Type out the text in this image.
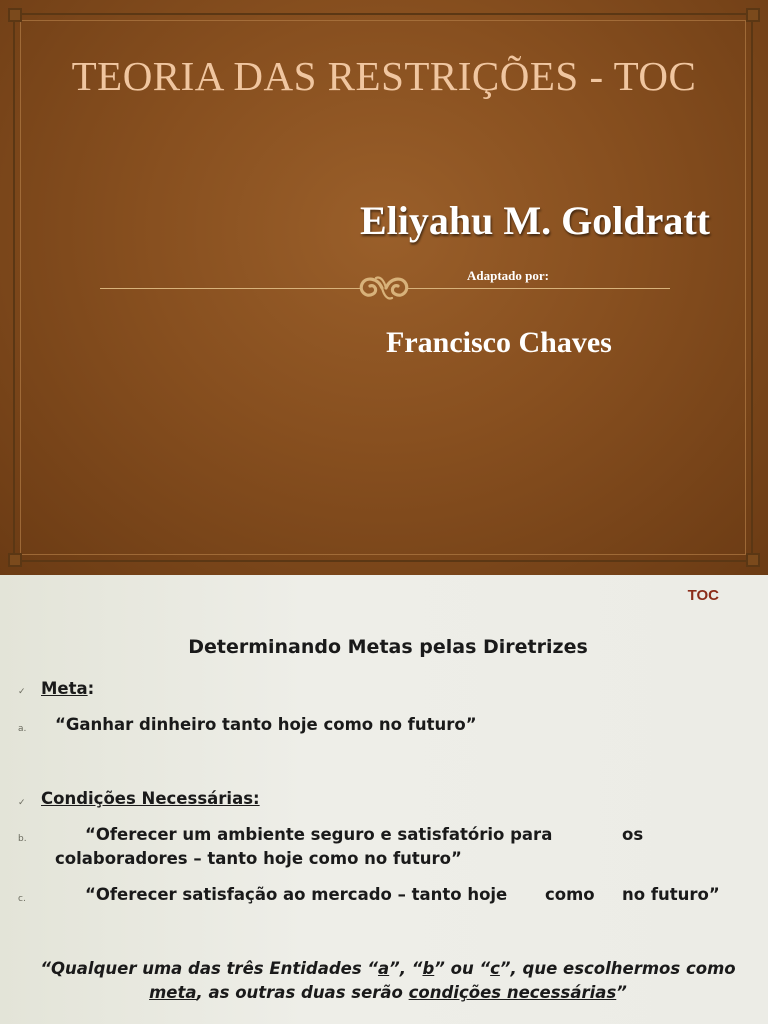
TEORIA DAS RESTRIÇÕES - TOC
Eliyahu M. Goldratt
Adaptado por:
Francisco Chaves
TOC
Determinando Metas pelas Diretrizes
✓ Meta:
a. “Ganhar dinheiro tanto hoje como no futuro”
✓ Condições Necessárias:
b.	“Oferecer um ambiente seguro e satisfatório para	os
colaboradores – tanto hoje como no futuro”
c.	“Oferecer satisfação ao mercado – tanto hoje como no futuro”
“Qualquer uma das três Entidades “a”, “b” ou “c”, que escolhermos como
meta, as outras duas serão condições necessárias”
